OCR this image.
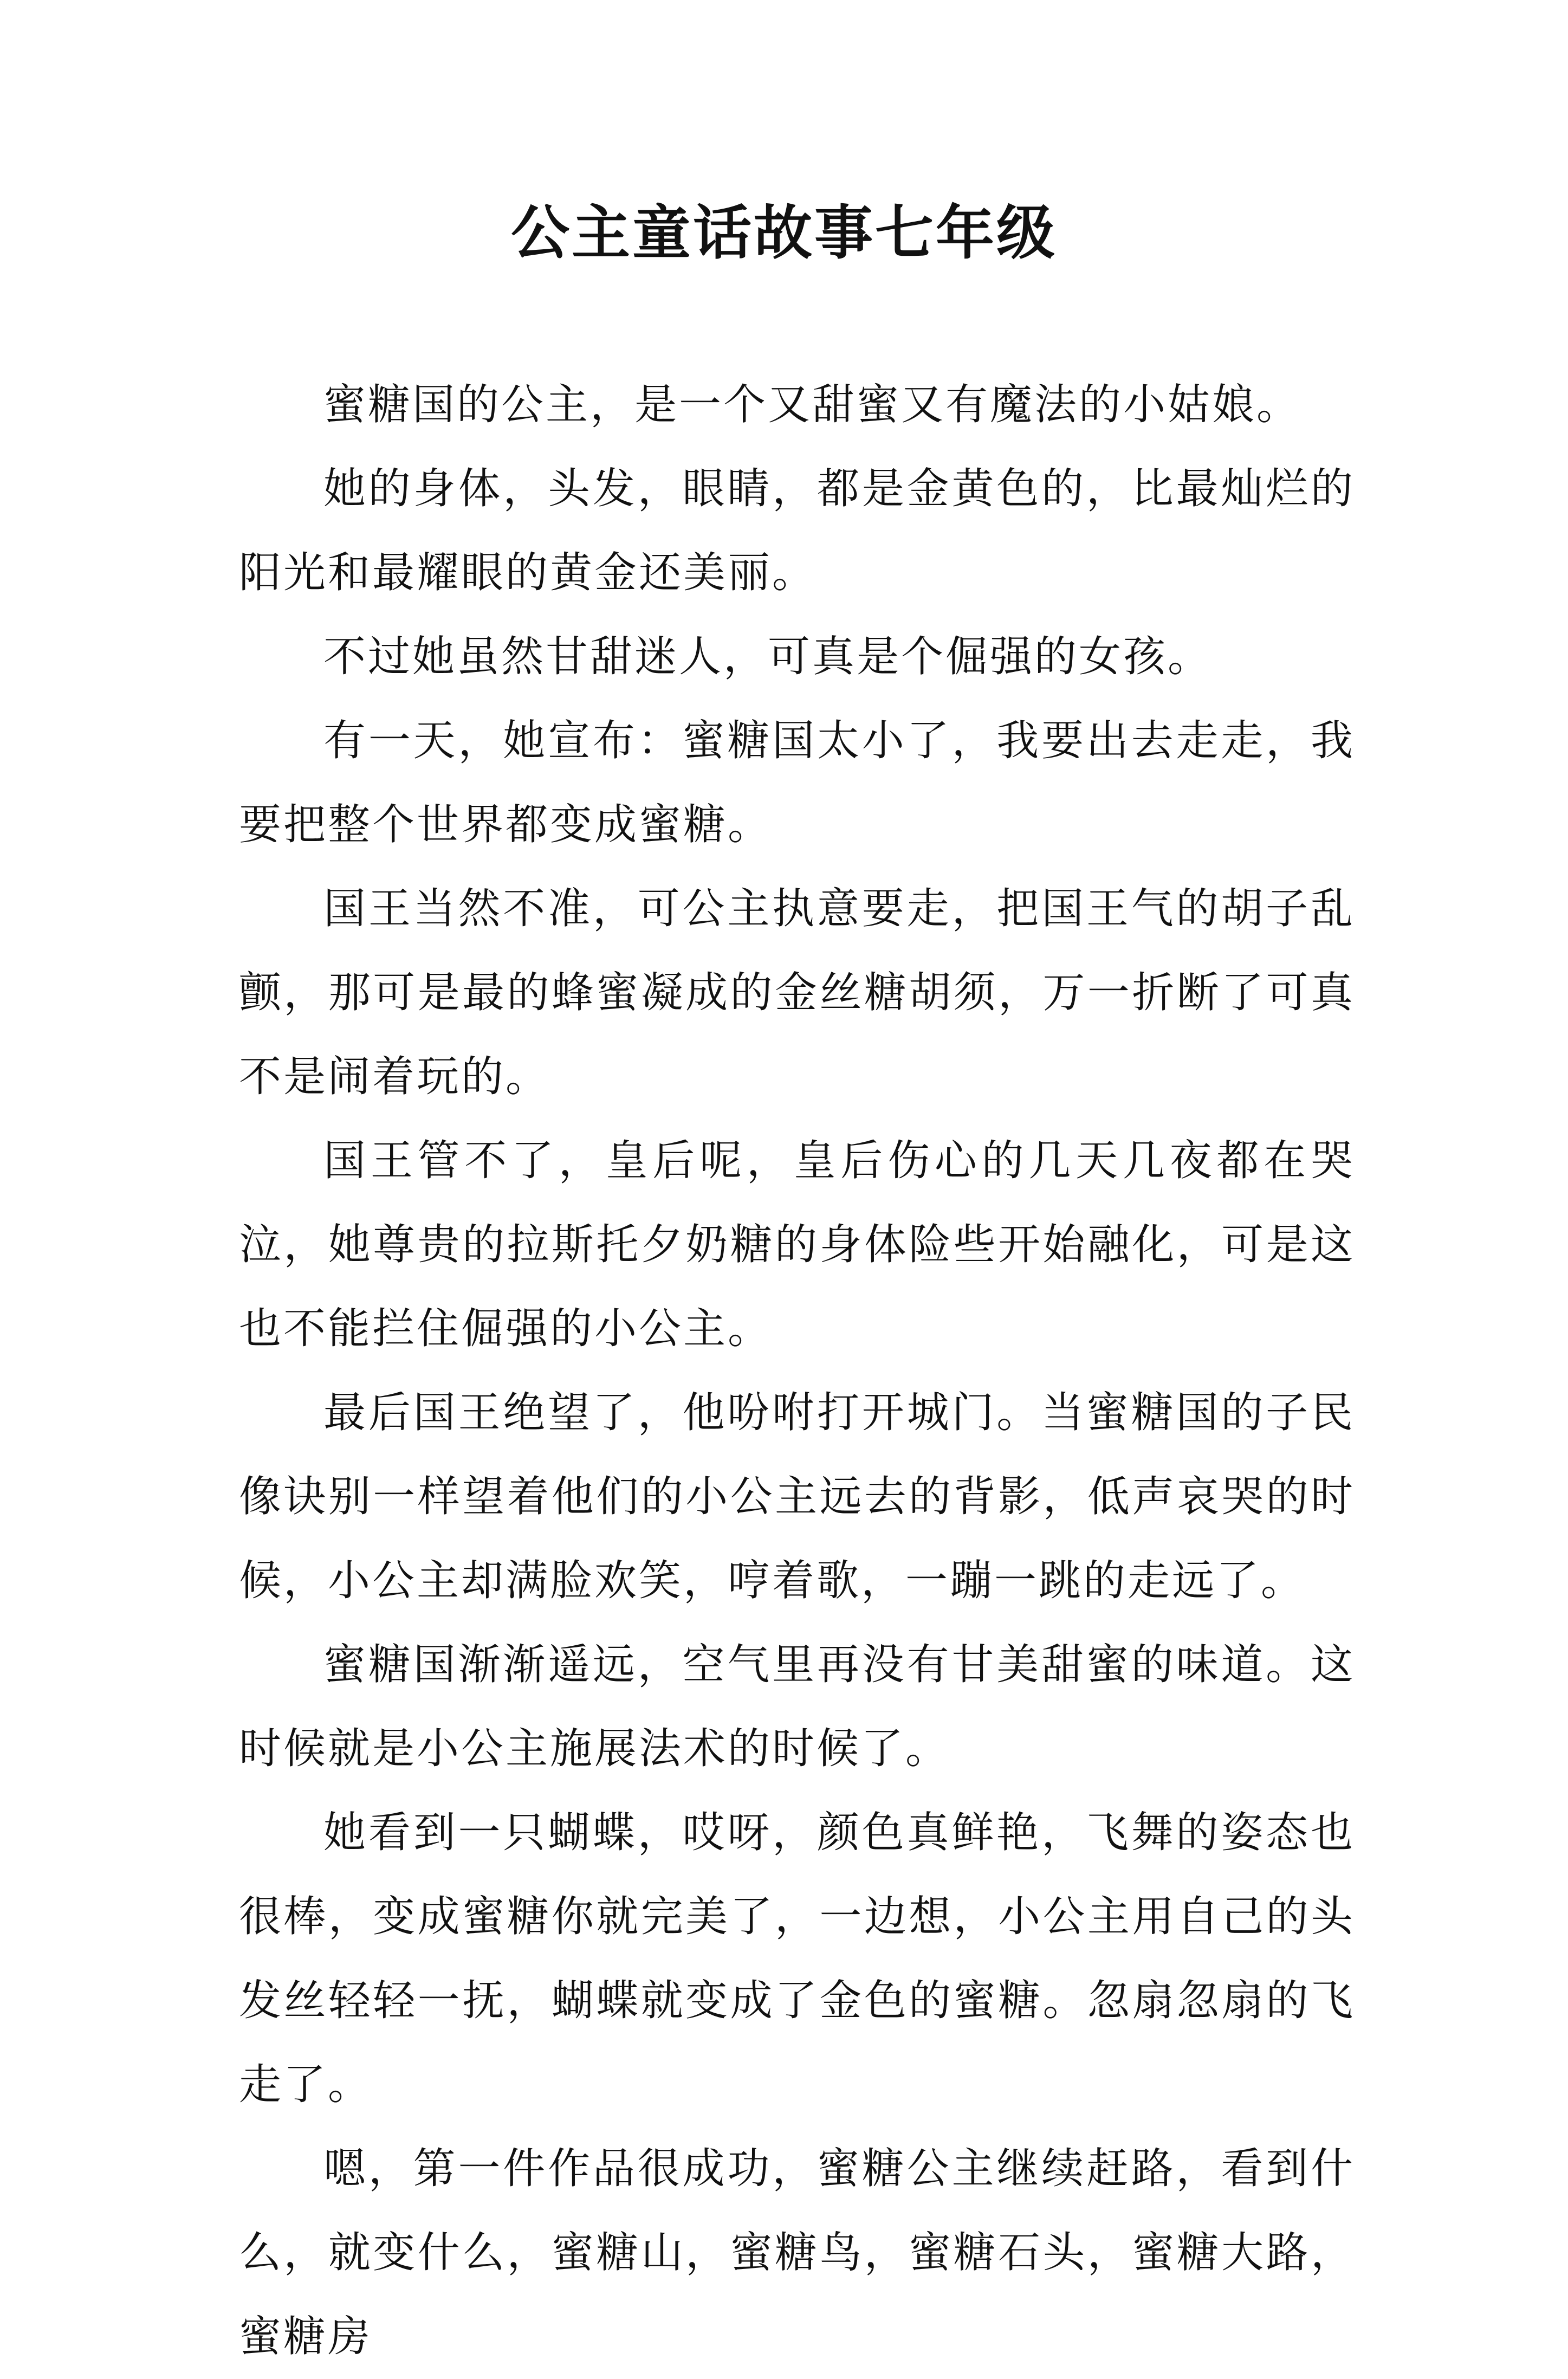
公主童话故事七年级

蜜糖国的公主，是一个又甜蜜又有魔法的小姑娘。

她的身体，头发，眼睛，都是金黄色的，比最灿烂的阳光和最耀眼的黄金还美丽。

不过她虽然甘甜迷人，可真是个倔强的女孩。

有一天，她宣布：蜜糖国太小了，我要出去走走，我要把整个世界都变成蜜糖。

国王当然不准，可公主执意要走，把国王气的胡子乱颤，那可是最的蜂蜜凝成的金丝糖胡须，万一折断了可真不是闹着玩的。

国王管不了，皇后呢，皇后伤心的几天几夜都在哭泣，她尊贵的拉斯托夕奶糖的身体险些开始融化，可是这也不能拦住倔强的小公主。

最后国王绝望了，他吩咐打开城门。当蜜糖国的子民像诀别一样望着他们的小公主远去的背影，低声哀哭的时候，小公主却满脸欢笑，哼着歌，一蹦一跳的走远了。

蜜糖国渐渐遥远，空气里再没有甘美甜蜜的味道。这时候就是小公主施展法术的时候了。

她看到一只蝴蝶，哎呀，颜色真鲜艳，飞舞的姿态也很棒，变成蜜糖你就完美了，一边想，小公主用自己的头发丝轻轻一抚，蝴蝶就变成了金色的蜜糖。忽扇忽扇的飞走了。

嗯，第一件作品很成功，蜜糖公主继续赶路，看到什么，就变什么，蜜糖山，蜜糖鸟，蜜糖石头，蜜糖大路，蜜糖房
